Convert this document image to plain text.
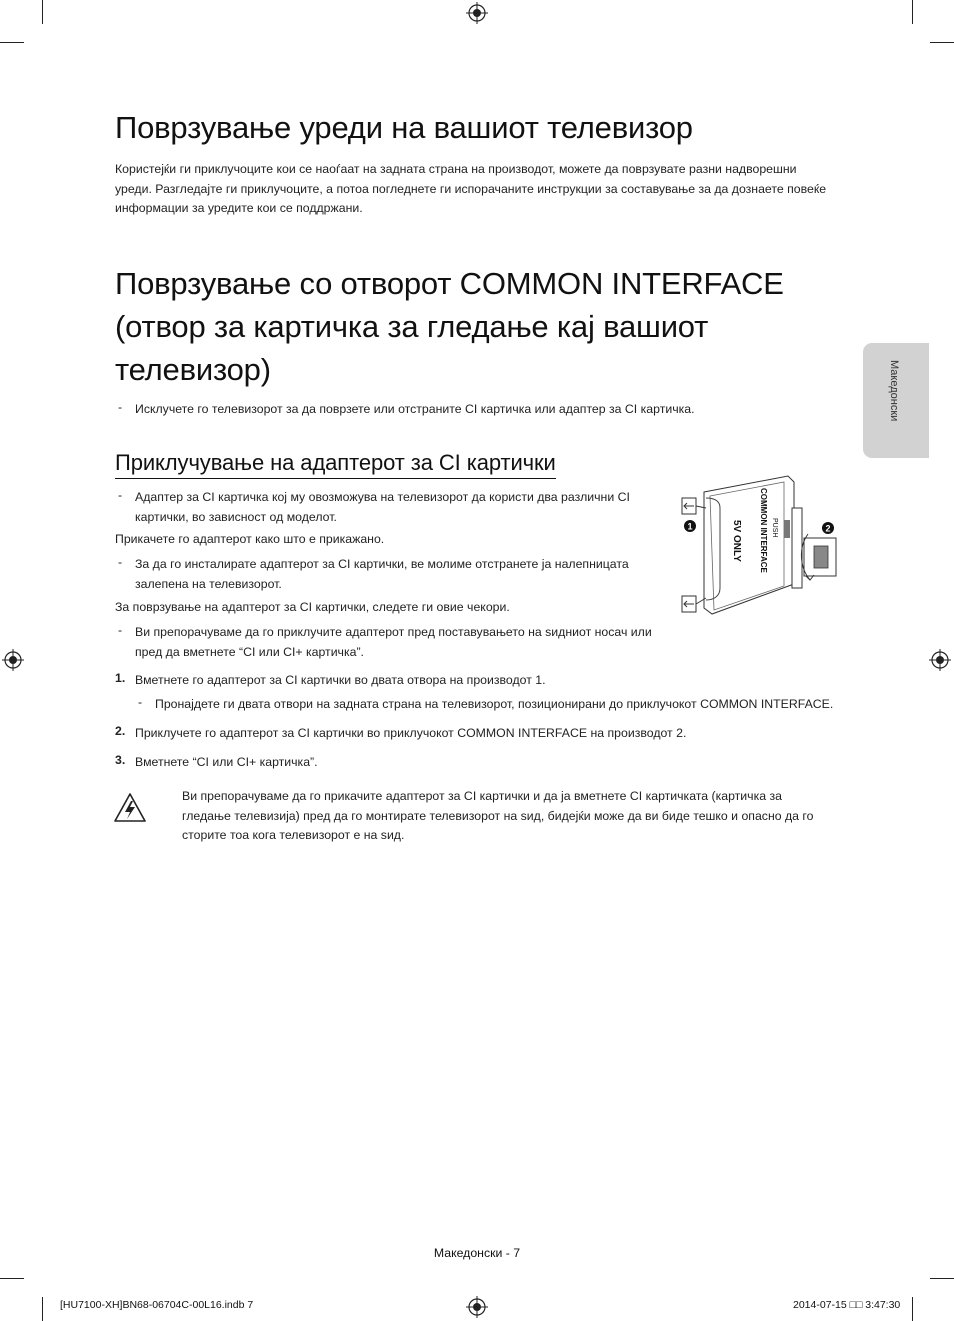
Македонски
Поврзување уреди на вашиот телевизор
Користејќи ги приклучоците кои се наоѓаат на задната страна на производот, можете да поврзувате разни надворешни уреди. Разгледајте ги приклучоците, а потоа погледнете ги испорачаните инструкции за составување за да дознаете повеќе информации за уредите кои се поддржани.
Поврзување со отворот COMMON INTERFACE (отвор за картичка за гледање кај вашиот телевизор)
- Исклучете го телевизорот за да поврзете или отстраните CI картичка или адаптер за CI картичка.
Приклучување на адаптерот за CI картички
- Адаптер за CI картичка кој му овозможува на телевизорот да користи два различни CI картички, во зависност од моделот.
Прикачете го адаптерот како што е прикажано.
- За да го инсталирате адаптерот за CI картички, ве молиме отстранете ја налепницата залепена на телевизорот.
За поврзување на адаптерот за CI картички, следете ги овие чекори.
- Ви препорачуваме да го приклучите адаптерот пред поставувањето на ѕидниот носач или пред да вметнете “CI или CI+ картичка”.
1. Вметнете го адаптерот за CI картички во двата отвора на производот 1.
- Пронајдете ги двата отвори на задната страна на телевизорот, позиционирани до приклучокот COMMON INTERFACE.
2. Приклучете го адаптерот за CI картички во приклучокот COMMON INTERFACE на производот 2.
3. Вметнете “CI или CI+ картичка”.
Ви препорачуваме да го прикачите адаптерот за CI картички и да ја вметнете CI картичката (картичка за гледање телевизија) пред да го монтирате телевизорот на ѕид, бидејќи може да ви биде тешко и опасно да го сторите тоа кога телевизорот е на ѕид.
COMMON INTERFACE PUSH
5V ONLY
1	2
Македонски - 7
[HU7100-XH]BN68-06704C-00L16.indb 7	2014-07-15 □□ 3:47:30
